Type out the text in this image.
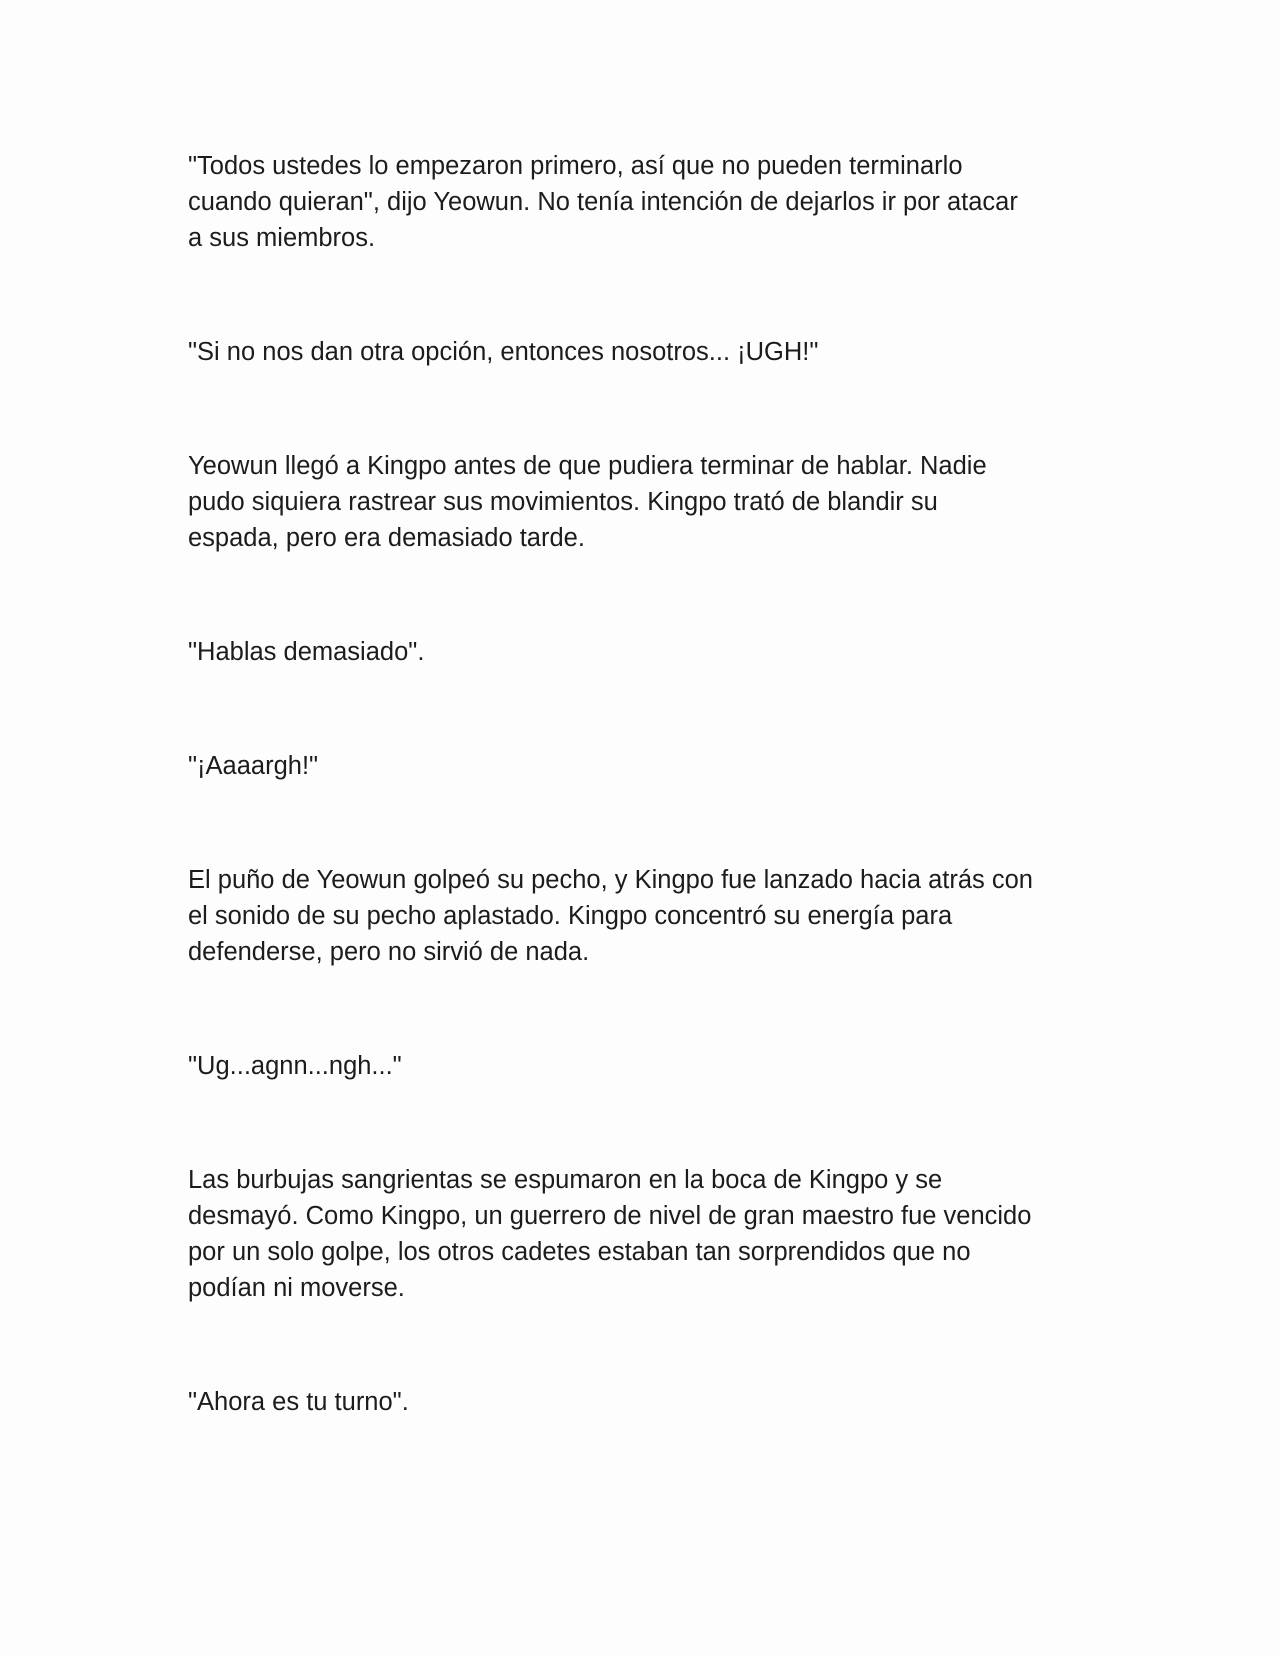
"Todos ustedes lo empezaron primero, así que no pueden terminarlo
cuando quieran", dijo Yeowun. No tenía intención de dejarlos ir por atacar
a sus miembros.

"Si no nos dan otra opción, entonces nosotros... ¡UGH!"

Yeowun llegó a Kingpo antes de que pudiera terminar de hablar. Nadie
pudo siquiera rastrear sus movimientos. Kingpo trató de blandir su
espada, pero era demasiado tarde.

"Hablas demasiado".

"¡Aaaargh!"

El puño de Yeowun golpeó su pecho, y Kingpo fue lanzado hacia atrás con
el sonido de su pecho aplastado. Kingpo concentró su energía para
defenderse, pero no sirvió de nada.

"Ug...agnn...ngh..."

Las burbujas sangrientas se espumaron en la boca de Kingpo y se
desmayó. Como Kingpo, un guerrero de nivel de gran maestro fue vencido
por un solo golpe, los otros cadetes estaban tan sorprendidos que no
podían ni moverse.

"Ahora es tu turno".
